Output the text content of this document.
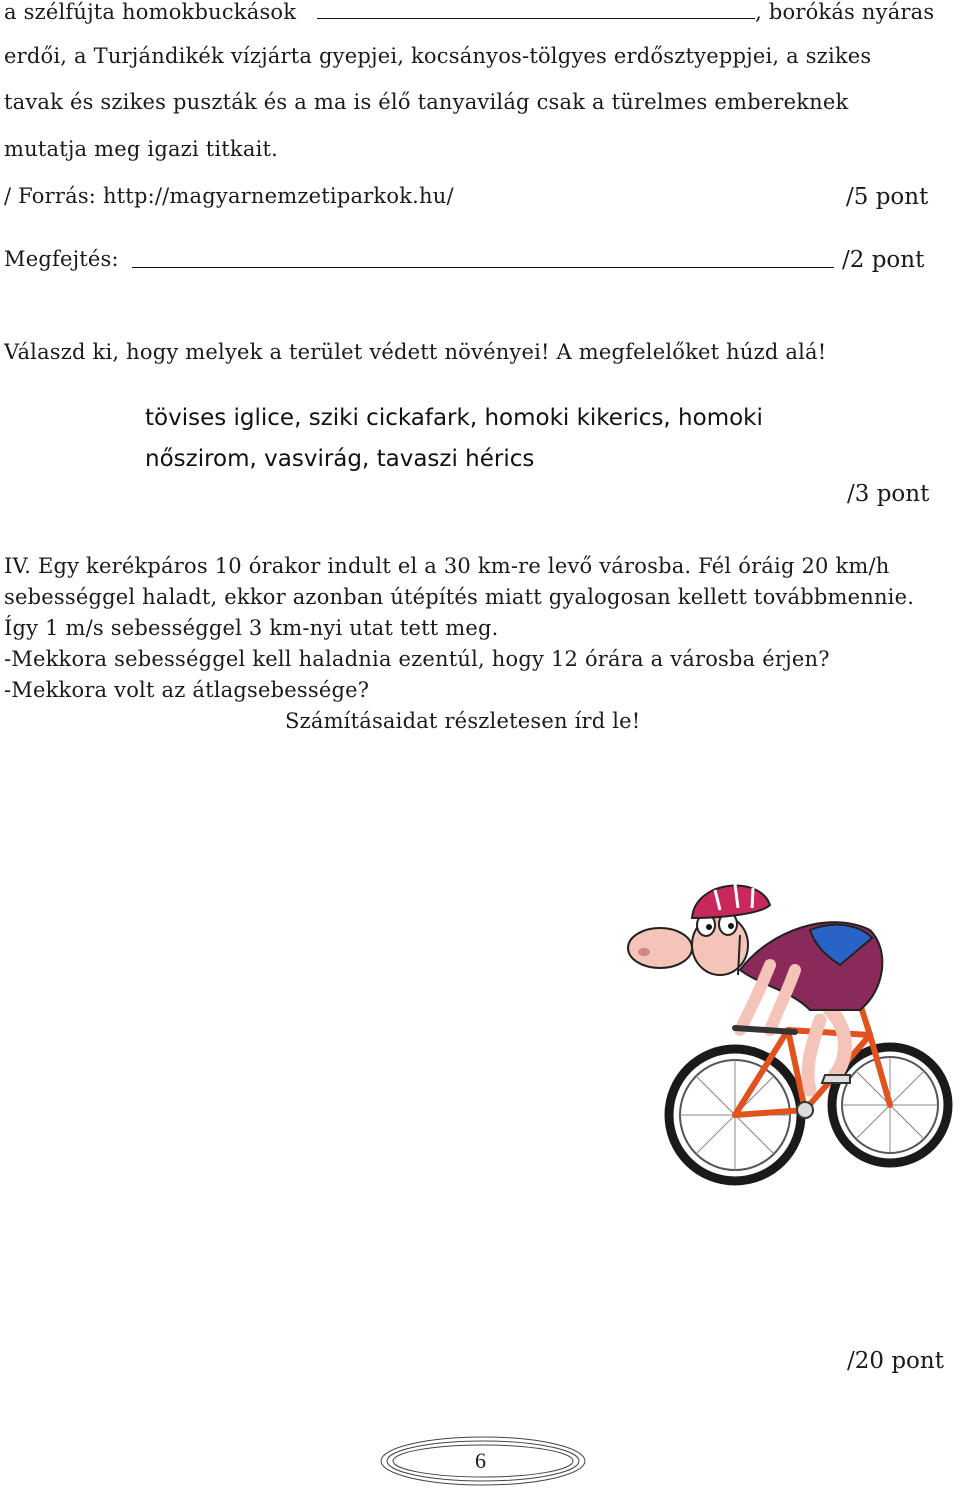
a szélfújta homokbuckások	, borókás nyáras
erdői, a Turjándikék vízjárta gyepjei, kocsányos-tölgyes erdősztyeppjei, a szikes
tavak és szikes puszták és a ma is élő tanyavilág csak a türelmes embereknek
mutatja meg igazi titkait.
/ Forrás: http://magyarnemzetiparkok.hu/	/5 pont
Megfejtés:	/2 pont
Válaszd ki, hogy melyek a terület védett növényei! A megfelelőket húzd alá!
tövises iglice, sziki cickafark, homoki kikerics, homoki
nőszirom, vasvirág, tavaszi hérics
/3 pont
IV. Egy kerékpáros 10 órakor indult el a 30 km-re levő városba. Fél óráig 20 km/h
sebességgel haladt, ekkor azonban útépítés miatt gyalogosan kellett továbbmennie.
Így 1 m/s sebességgel 3 km-nyi utat tett meg.
-Mekkora sebességgel kell haladnia ezentúl, hogy 12 órára a városba érjen?
-Mekkora volt az átlagsebessége?
Számításaidat részletesen írd le!
/20 pont
6
